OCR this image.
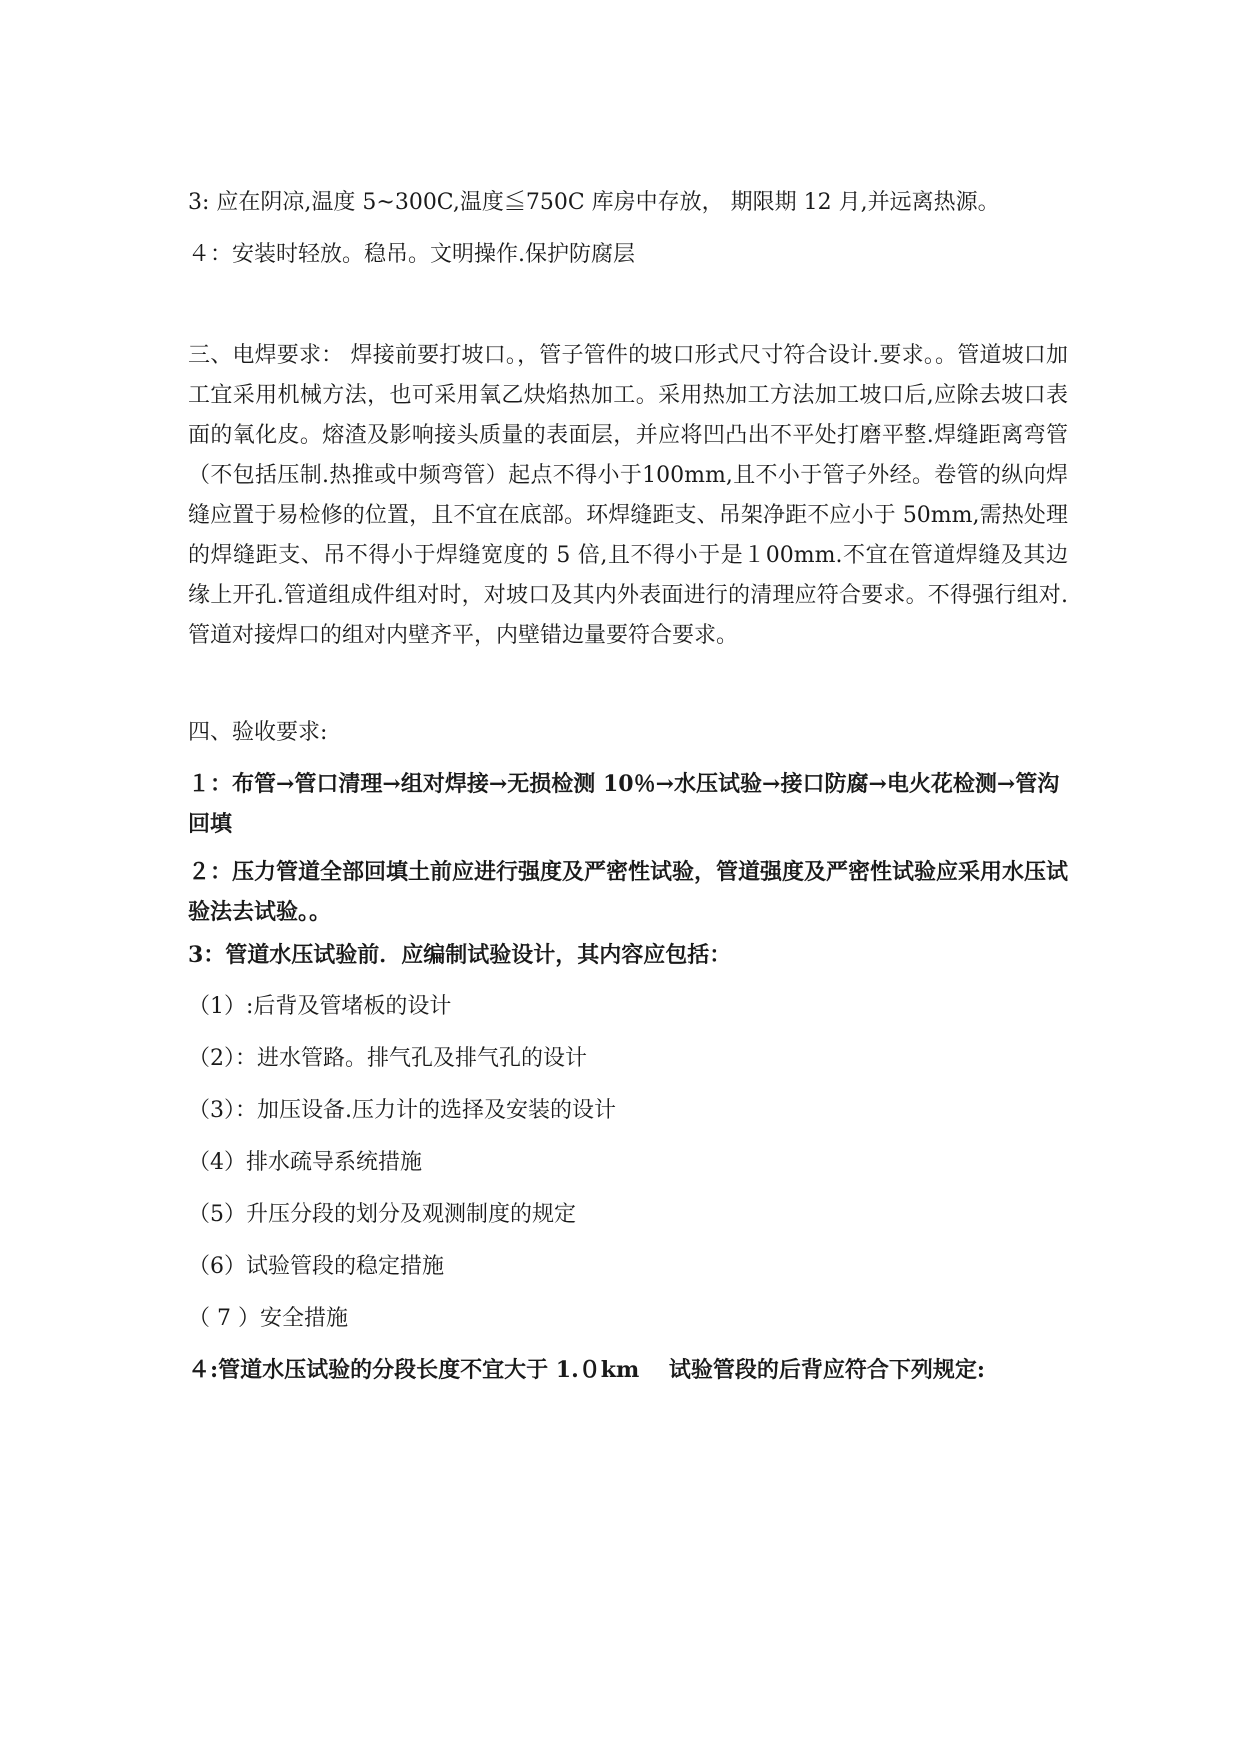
3: 应在阴凉,温度 5~300C,温度≦750C 库房中存放， 期限期 12 月,并远离热源。
４：安装时轻放。稳吊。文明操作.保护防腐层
三、电焊要求： 焊接前要打坡口。，管子管件的坡口形式尺寸符合设计.要求。。管道坡口加工宜采用机械方法，也可采用氧乙炔焰热加工。采用热加工方法加工坡口后,应除去坡口表面的氧化皮。熔渣及影响接头质量的表面层，并应将凹凸出不平处打磨平整.焊缝距离弯管（不包括压制.热推或中频弯管）起点不得小于100mm,且不小于管子外经。卷管的纵向焊缝应置于易检修的位置，且不宜在底部。环焊缝距支、吊架净距不应小于 50mm,需热处理的焊缝距支、吊不得小于焊缝宽度的 5 倍,且不得小于是１00mm.不宜在管道焊缝及其边缘上开孔.管道组成件组对时，对坡口及其内外表面进行的清理应符合要求。不得强行组对.管道对接焊口的组对内壁齐平，内壁错边量要符合要求。
四、验收要求:
１：布管→管口清理→组对焊接→无损检测 10％→水压试验→接口防腐→电火花检测→管沟回填
２：压力管道全部回填土前应进行强度及严密性试验，管道强度及严密性试验应采用水压试验法去试验。。
3：管道水压试验前．应编制试验设计，其内容应包括：
（1）:后背及管堵板的设计
（2）：进水管路。排气孔及排气孔的设计
（3）：加压设备.压力计的选择及安装的设计
（4）排水疏导系统措施
（5）升压分段的划分及观测制度的规定
（6）试验管段的稳定措施
（ 7 ）安全措施
４:管道水压试验的分段长度不宜大于 1.０km　 试验管段的后背应符合下列规定:
